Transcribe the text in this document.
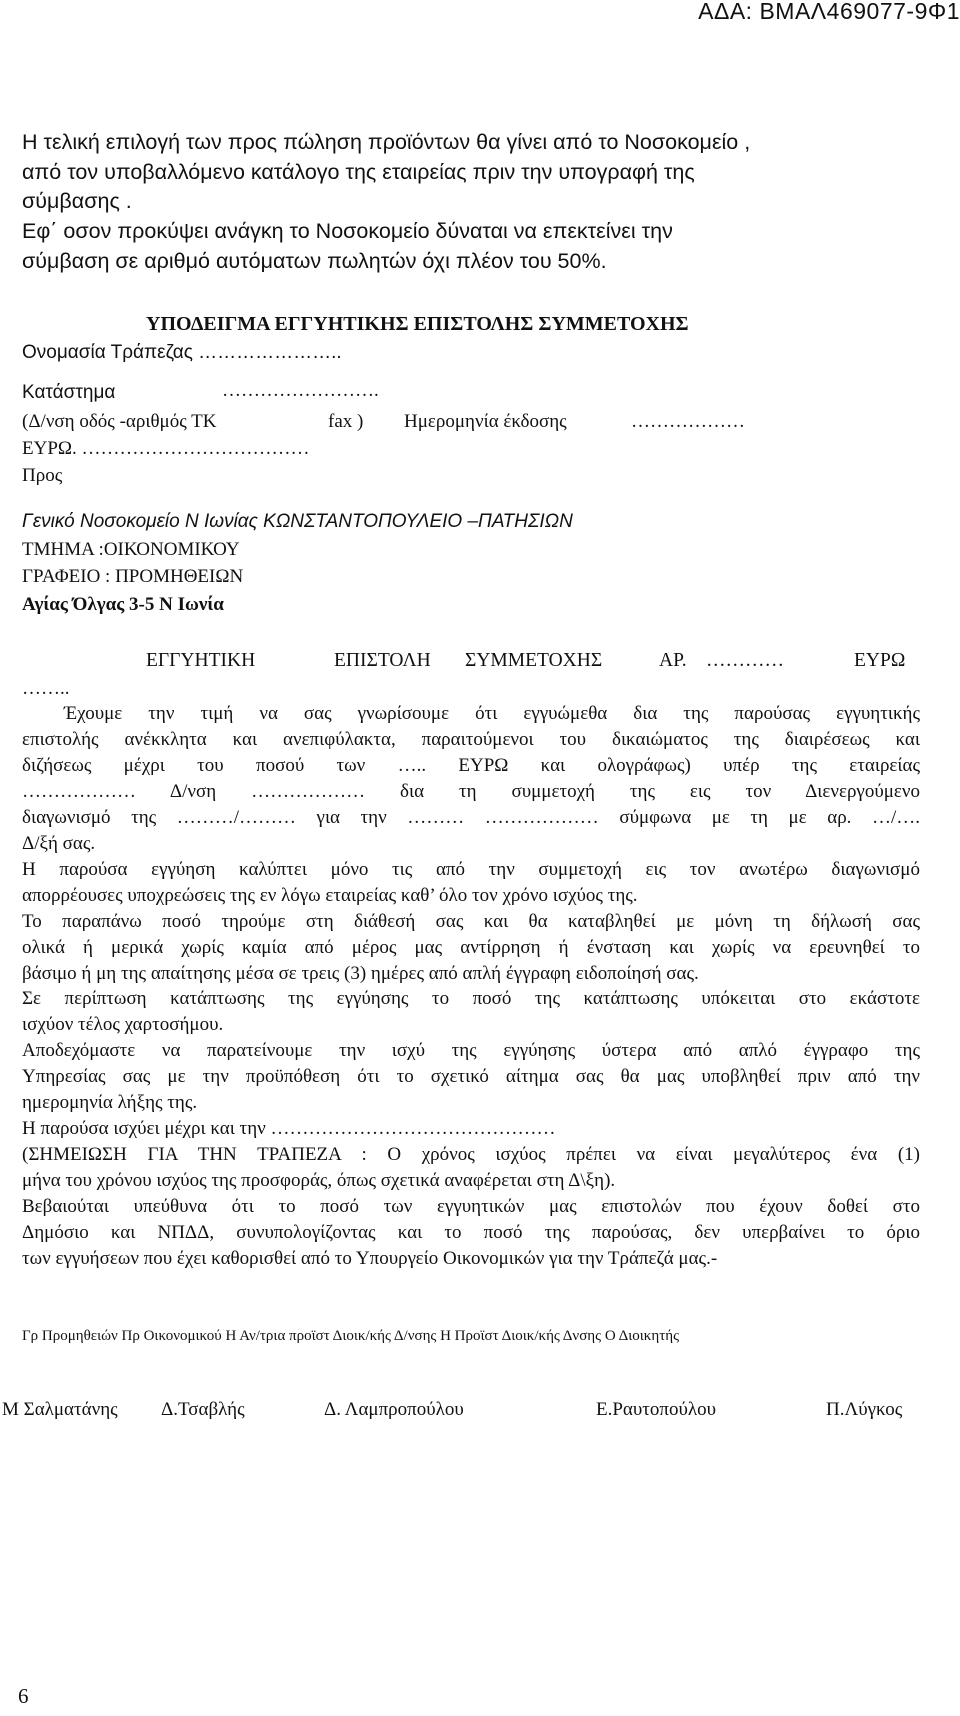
ΑΔΑ: ΒΜΑΛ469077-9Φ1
Η τελική επιλογή των προς πώληση προϊόντων θα γίνει από το Νοσοκομείο ,
από τον υποβαλλόμενο κατάλογο της εταιρείας πριν την υπογραφή της
σύμβασης .
Εφ΄ οσον προκύψει ανάγκη το Νοσοκομείο δύναται να επεκτείνει την
σύμβαση σε αριθμό αυτόματων πωλητών όχι πλέον του 50%.
ΥΠΟΔΕΙΓΜΑ ΕΓΓΥΗΤΙΚΗΣ ΕΠΙΣΤΟΛΗΣ ΣΥΜΜΕΤΟΧΗΣ
Ονομασία Τράπεζας …………………..
Κατάστημα	…………………….
(Δ/νση οδός -αριθμός ΤΚ	fax ) Ημερομηνία έκδοσης	………………
ΕΥΡΩ. ………………………………
Προς
Γενικό Νοσοκομείο Ν Ιωνίας ΚΩΝΣΤΑΝΤΟΠΟΥΛΕΙΟ –ΠΑΤΗΣΙΩΝ
ΤΜΗΜΑ :ΟΙΚΟΝΟΜΙΚΟΥ
ΓΡΑΦΕΙΟ : ΠΡΟΜΗΘΕΙΩΝ
Αγίας Όλγας 3-5 Ν Ιωνία
ΕΓΓΥΗΤΙΚΗ	ΕΠΙΣΤΟΛΗ ΣΥΜΜΕΤΟΧΗΣ	ΑΡ. …………	ΕΥΡΩ
……..
Έχουμε την τιμή να σας γνωρίσουμε ότι εγγυώμεθα δια της παρούσας εγγυητικής
επιστολής ανέκκλητα και ανεπιφύλακτα, παραιτούμενοι του δικαιώματος της διαιρέσεως και
διζήσεως μέχρι του ποσού των ….. ΕΥΡΩ και ολογράφως) υπέρ της εταιρείας
……………… Δ/νση ……………… δια τη συμμετοχή της εις τον Διενεργούμενο
διαγωνισμό της ………/……… για την ……… ……………… σύμφωνα με τη με αρ. …/….
Δ/ξή σας.
Η παρούσα εγγύηση καλύπτει μόνο τις από την συμμετοχή εις τον ανωτέρω διαγωνισμό
απορρέουσες υποχρεώσεις της εν λόγω εταιρείας καθ’ όλο τον χρόνο ισχύος της.
Το παραπάνω ποσό τηρούμε στη διάθεσή σας και θα καταβληθεί με μόνη τη δήλωσή σας
ολικά ή μερικά χωρίς καμία από μέρος μας αντίρρηση ή ένσταση και χωρίς να ερευνηθεί το
βάσιμο ή μη της απαίτησης μέσα σε τρεις (3) ημέρες από απλή έγγραφη ειδοποίησή σας.
Σε περίπτωση κατάπτωσης της εγγύησης το ποσό της κατάπτωσης υπόκειται στο εκάστοτε
ισχύον τέλος χαρτοσήμου.
Αποδεχόμαστε να παρατείνουμε την ισχύ της εγγύησης ύστερα από απλό έγγραφο της
Υπηρεσίας σας με την προϋπόθεση ότι το σχετικό αίτημα σας θα μας υποβληθεί πριν από την
ημερομηνία λήξης της.
Η παρούσα ισχύει μέχρι και την ………………………………………
(ΣΗΜΕΙΩΣΗ ΓΙΑ ΤΗΝ ΤΡΑΠΕΖΑ : Ο χρόνος ισχύος πρέπει να είναι μεγαλύτερος ένα (1)
μήνα του χρόνου ισχύος της προσφοράς, όπως σχετικά αναφέρεται στη Δ\ξη).
Βεβαιούται υπεύθυνα ότι το ποσό των εγγυητικών μας επιστολών που έχουν δοθεί στο
Δημόσιο και ΝΠΔΔ, συνυπολογίζοντας και το ποσό της παρούσας, δεν υπερβαίνει το όριο
των εγγυήσεων που έχει καθορισθεί από το Υπουργείο Οικονομικών για την Τράπεζά μας.-
Γρ Προμηθειών Πρ Οικονομικού Η Αν/τρια προϊστ Διοικ/κής Δ/νσης Η Προϊστ Διοικ/κής Δνσης Ο Διοικητής
Μ Σαλματάνης Δ.Τσαβλής	Δ. Λαμπροπούλου	Ε.Ραυτοπούλου	Π.Λύγκος
6
